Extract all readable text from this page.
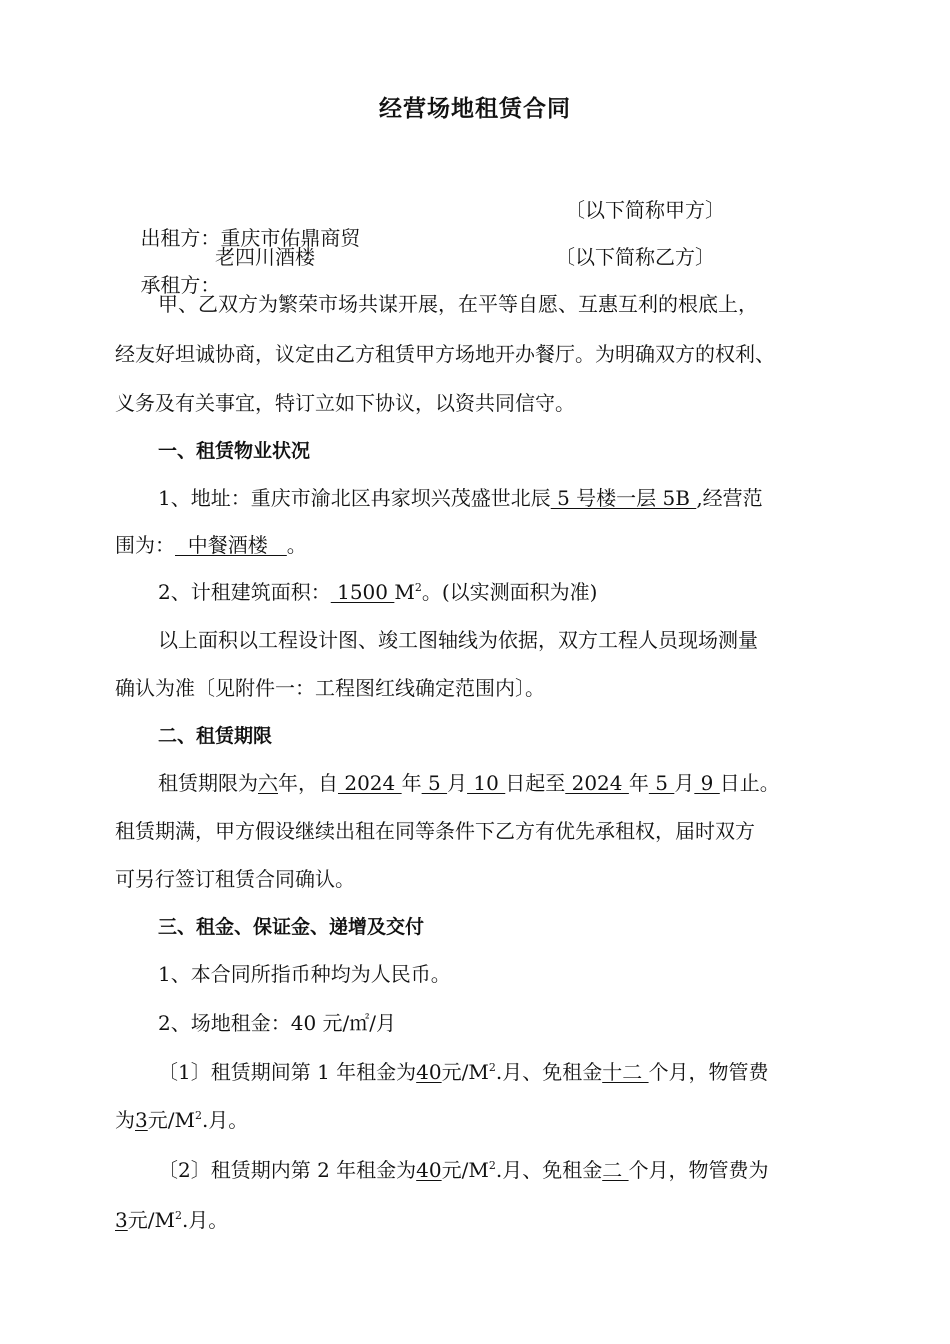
经营场地租赁合同

出租方：重庆市佑鼎商贸

〔以下简称甲方〕

承租方：

老四川酒楼	〔以下简称乙方〕
甲、乙双方为繁荣市场共谋开展，在平等自愿、互惠互利的根底上，
经友好坦诚协商，议定由乙方租赁甲方场地开办餐厅。为明确双方的权利、
义务及有关事宜，特订立如下协议，以资共同信守。
一、租赁物业状况
1、地址：重庆市渝北区冉家坝兴茂盛世北辰 5 号楼一层 5B ,经营范
围为：  中餐酒楼   。
2、计租建筑面积： 1500 $M^2$。(以实测面积为准)
以上面积以工程设计图、竣工图轴线为依据，双方工程人员现场测量
确认为准〔见附件一：工程图红线确定范围内〕。
二、租赁期限
租赁期限为六年，自 2024 年 5 月 10 日起至 2024 年 5 月 9 日止。
租赁期满，甲方假设继续出租在同等条件下乙方有优先承租权，届时双方
可另行签订租赁合同确认。
三、租金、保证金、递增及交付
1、本合同所指币种均为人民币。
2、场地租金：40 元/㎡/月
〔1〕租赁期间第 1 年租金为40元$/M^2$.月、免租金十二 个月，物管费
为3元$/M^2$.月。
〔2〕租赁期内第 2 年租金为40元$/M^2$.月、免租金二 个月，物管费为
3元$/M^2$.月。
